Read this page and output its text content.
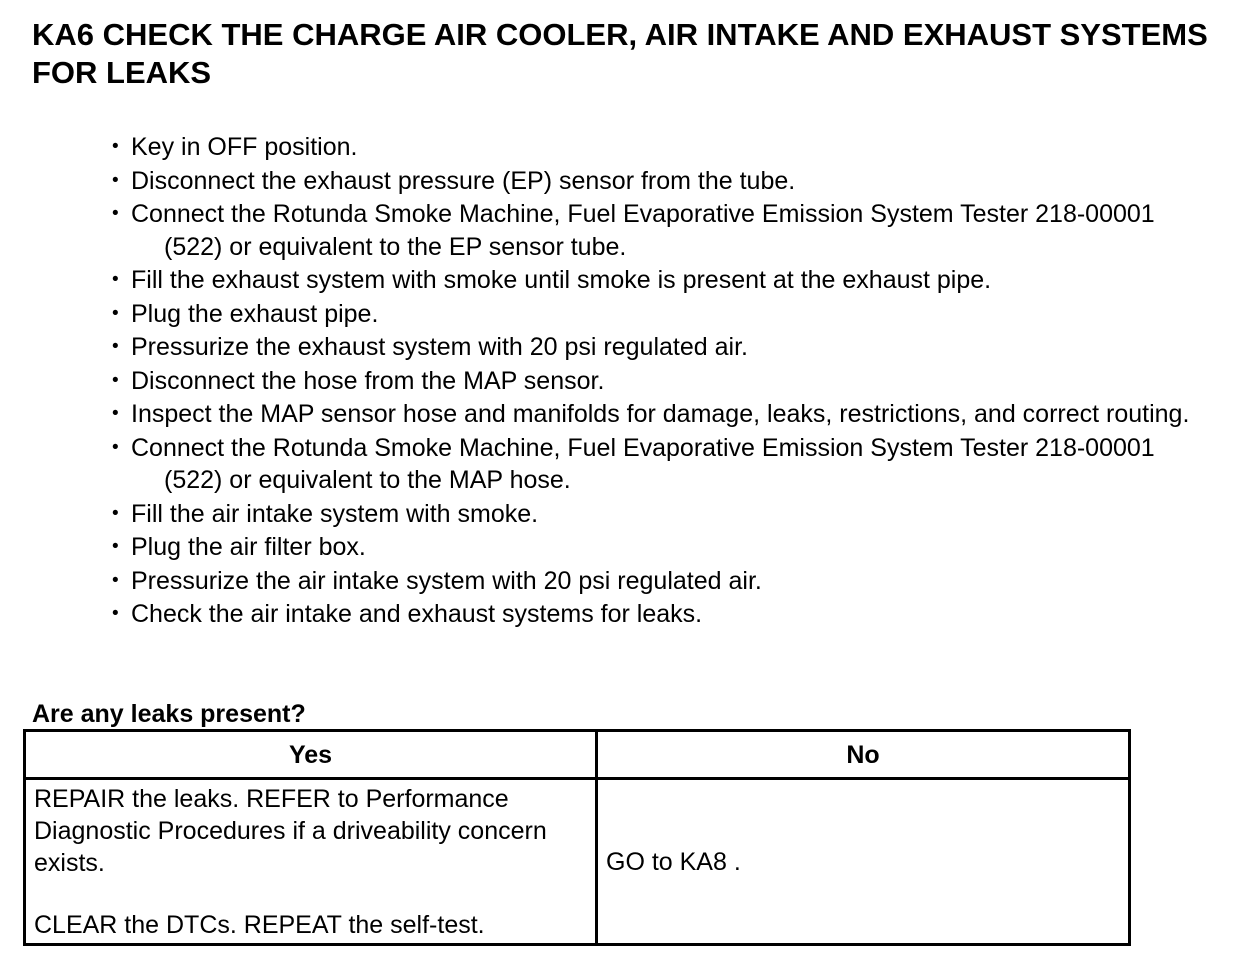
KA6 CHECK THE CHARGE AIR COOLER, AIR INTAKE AND EXHAUST SYSTEMS FOR LEAKS
• Key in OFF position.
• Disconnect the exhaust pressure (EP) sensor from the tube.
• Connect the Rotunda Smoke Machine, Fuel Evaporative Emission System Tester 218-00001 (522) or equivalent to the EP sensor tube.
• Fill the exhaust system with smoke until smoke is present at the exhaust pipe.
• Plug the exhaust pipe.
• Pressurize the exhaust system with 20 psi regulated air.
• Disconnect the hose from the MAP sensor.
• Inspect the MAP sensor hose and manifolds for damage, leaks, restrictions, and correct routing.
• Connect the Rotunda Smoke Machine, Fuel Evaporative Emission System Tester 218-00001 (522) or equivalent to the MAP hose.
• Fill the air intake system with smoke.
• Plug the air filter box.
• Pressurize the air intake system with 20 psi regulated air.
• Check the air intake and exhaust systems for leaks.

Are any leaks present?

Yes	No

REPAIR the leaks. REFER to Performance Diagnostic Procedures if a driveability concern exists.
CLEAR the DTCs. REPEAT the self-test.	GO to KA8 .
